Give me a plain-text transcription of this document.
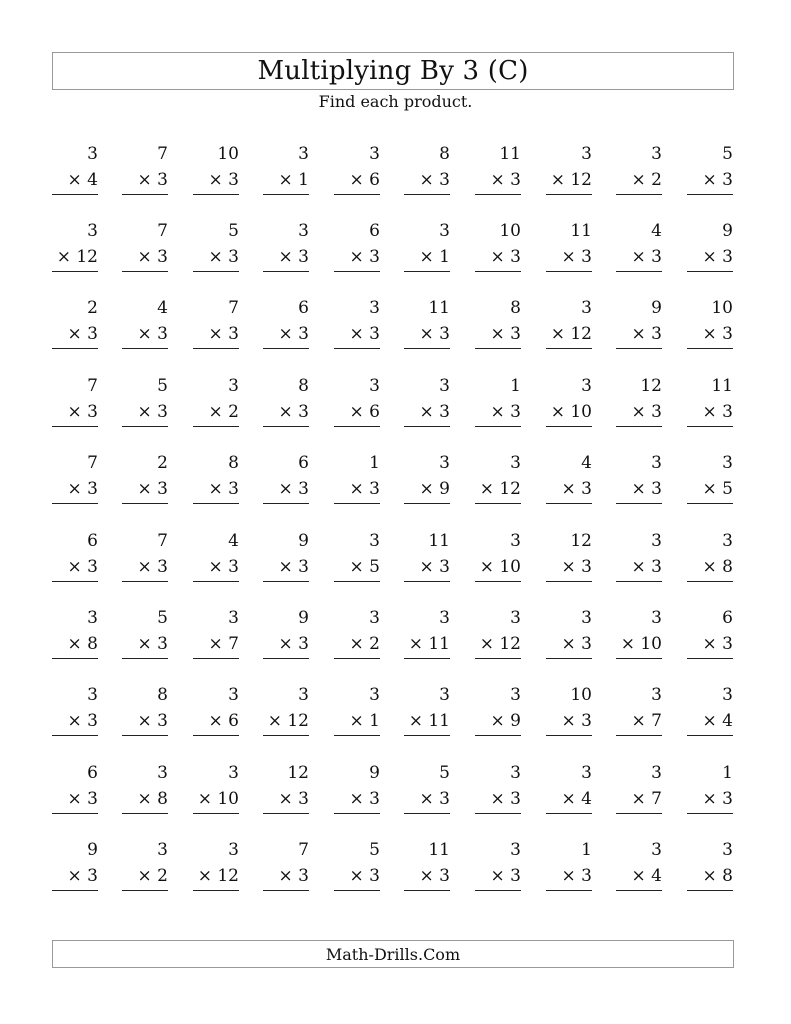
Multiplying By 3 (C)
Find each product.
3
× 4
7
× 3
10
× 3
3
× 1
3
× 6
8
× 3
11
× 3
3
× 12
3
× 2
5
× 3
3
× 12
7
× 3
5
× 3
3
× 3
6
× 3
3
× 1
10
× 3
11
× 3
4
× 3
9
× 3
2
× 3
4
× 3
7
× 3
6
× 3
3
× 3
11
× 3
8
× 3
3
× 12
9
× 3
10
× 3
7
× 3
5
× 3
3
× 2
8
× 3
3
× 6
3
× 3
1
× 3
3
× 10
12
× 3
11
× 3
7
× 3
2
× 3
8
× 3
6
× 3
1
× 3
3
× 9
3
× 12
4
× 3
3
× 3
3
× 5
6
× 3
7
× 3
4
× 3
9
× 3
3
× 5
11
× 3
3
× 10
12
× 3
3
× 3
3
× 8
3
× 8
5
× 3
3
× 7
9
× 3
3
× 2
3
× 11
3
× 12
3
× 3
3
× 10
6
× 3
3
× 3
8
× 3
3
× 6
3
× 12
3
× 1
3
× 11
3
× 9
10
× 3
3
× 7
3
× 4
6
× 3
3
× 8
3
× 10
12
× 3
9
× 3
5
× 3
3
× 3
3
× 4
3
× 7
1
× 3
9
× 3
3
× 2
3
× 12
7
× 3
5
× 3
11
× 3
3
× 3
1
× 3
3
× 4
3
× 8
Math-Drills.Com
